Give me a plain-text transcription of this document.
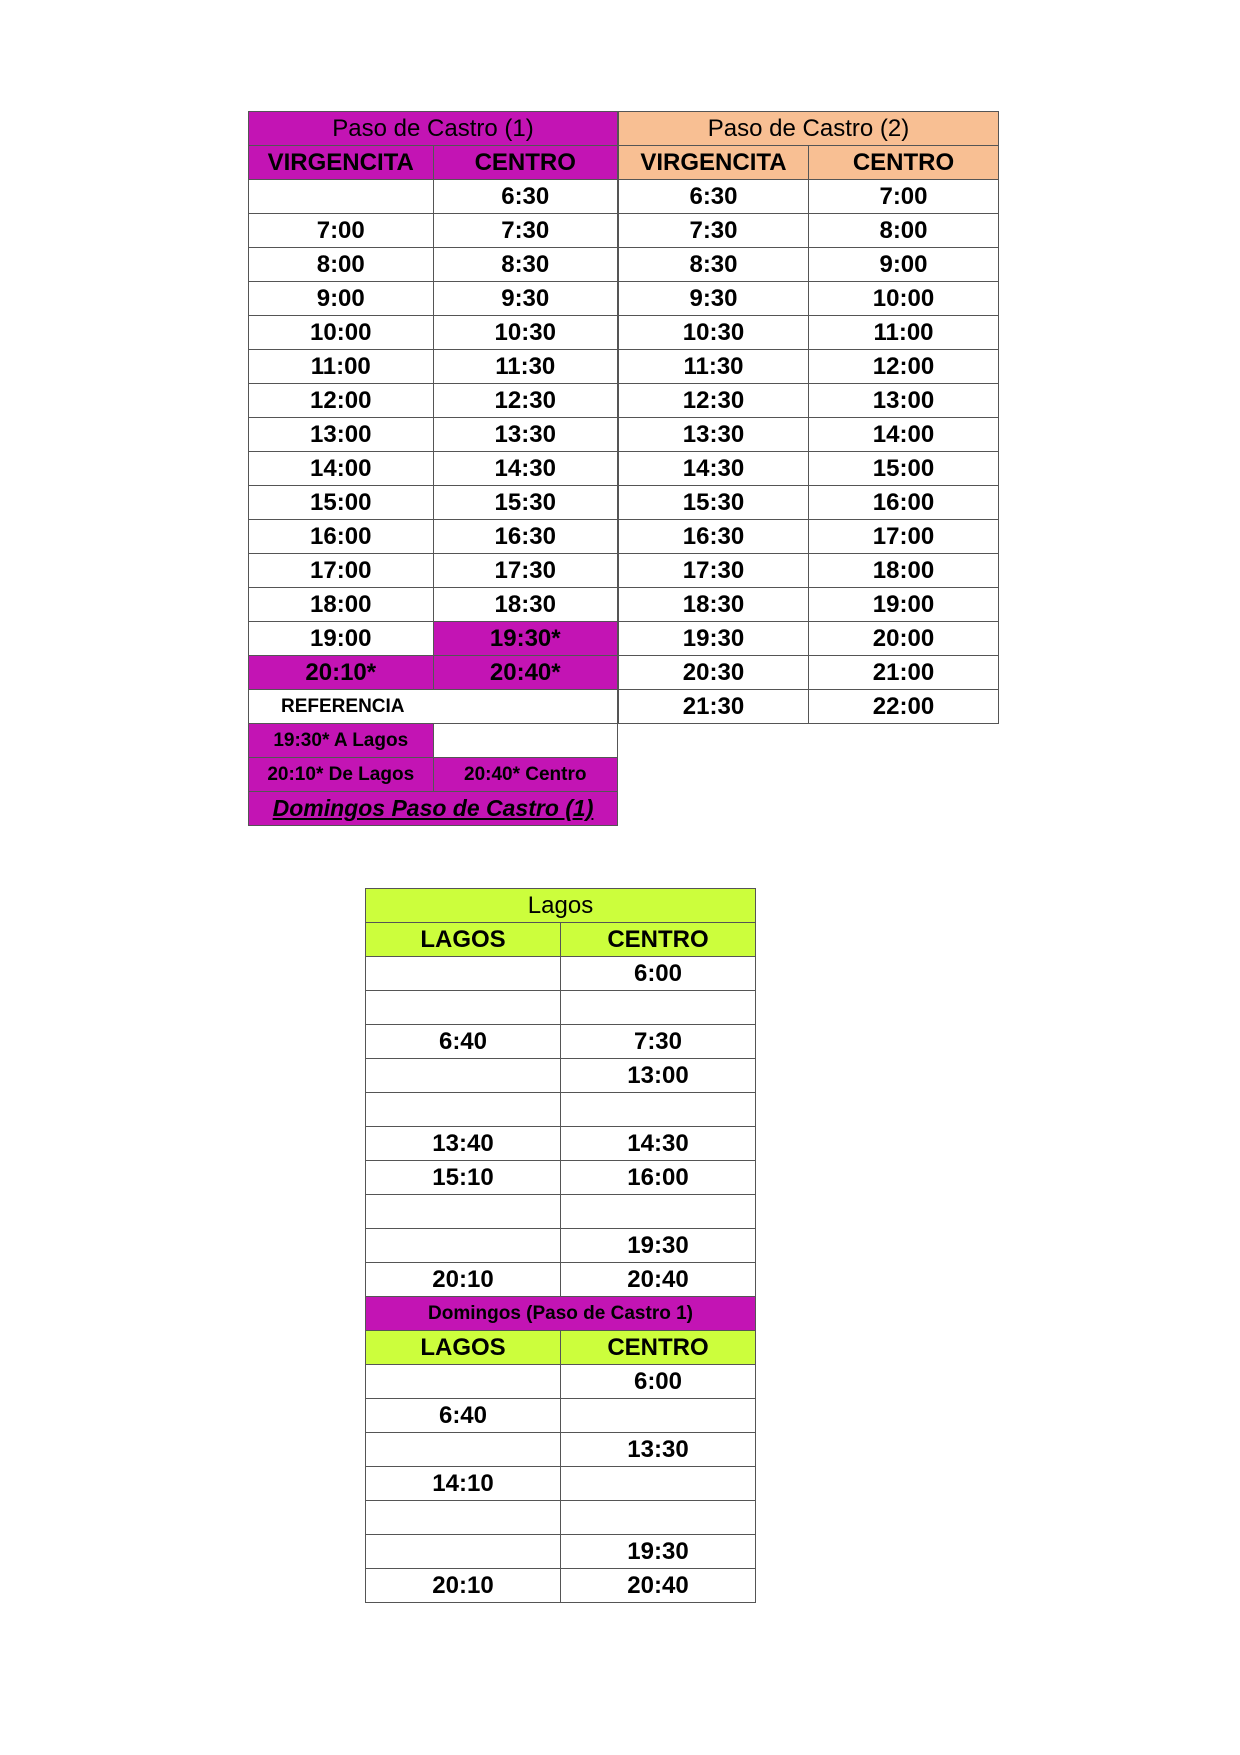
Paso de Castro (1)	
VIRGENCITA	CENTRO
	6:30
7:00	7:30
8:00	8:30
9:00	9:30
10:00	10:30
11:00	11:30
12:00	12:30
13:00	13:30
14:00	14:30
15:00	15:30
16:00	16:30
17:00	17:30
18:00	18:30
19:00	19:30*
20:10*	20:40*
REFERENCIA	
19:30* A Lagos	
20:10* De Lagos	20:40* Centro
Domingos Paso de Castro (1)	
Paso de Castro (2)	
VIRGENCITA	CENTRO
6:30	7:00
7:30	8:00
8:30	9:00
9:30	10:00
10:30	11:00
11:30	12:00
12:30	13:00
13:30	14:00
14:30	15:00
15:30	16:00
16:30	17:00
17:30	18:00
18:30	19:00
19:30	20:00
20:30	21:00
21:30	22:00
Lagos	
LAGOS	CENTRO
	6:00

6:40	7:30
	13:00

13:40	14:30
15:10	16:00

	19:30
20:10	20:40
Domingos (Paso de Castro 1)	
LAGOS	CENTRO
	6:00
6:40	
	13:30
14:10	

	19:30
20:10	20:40
